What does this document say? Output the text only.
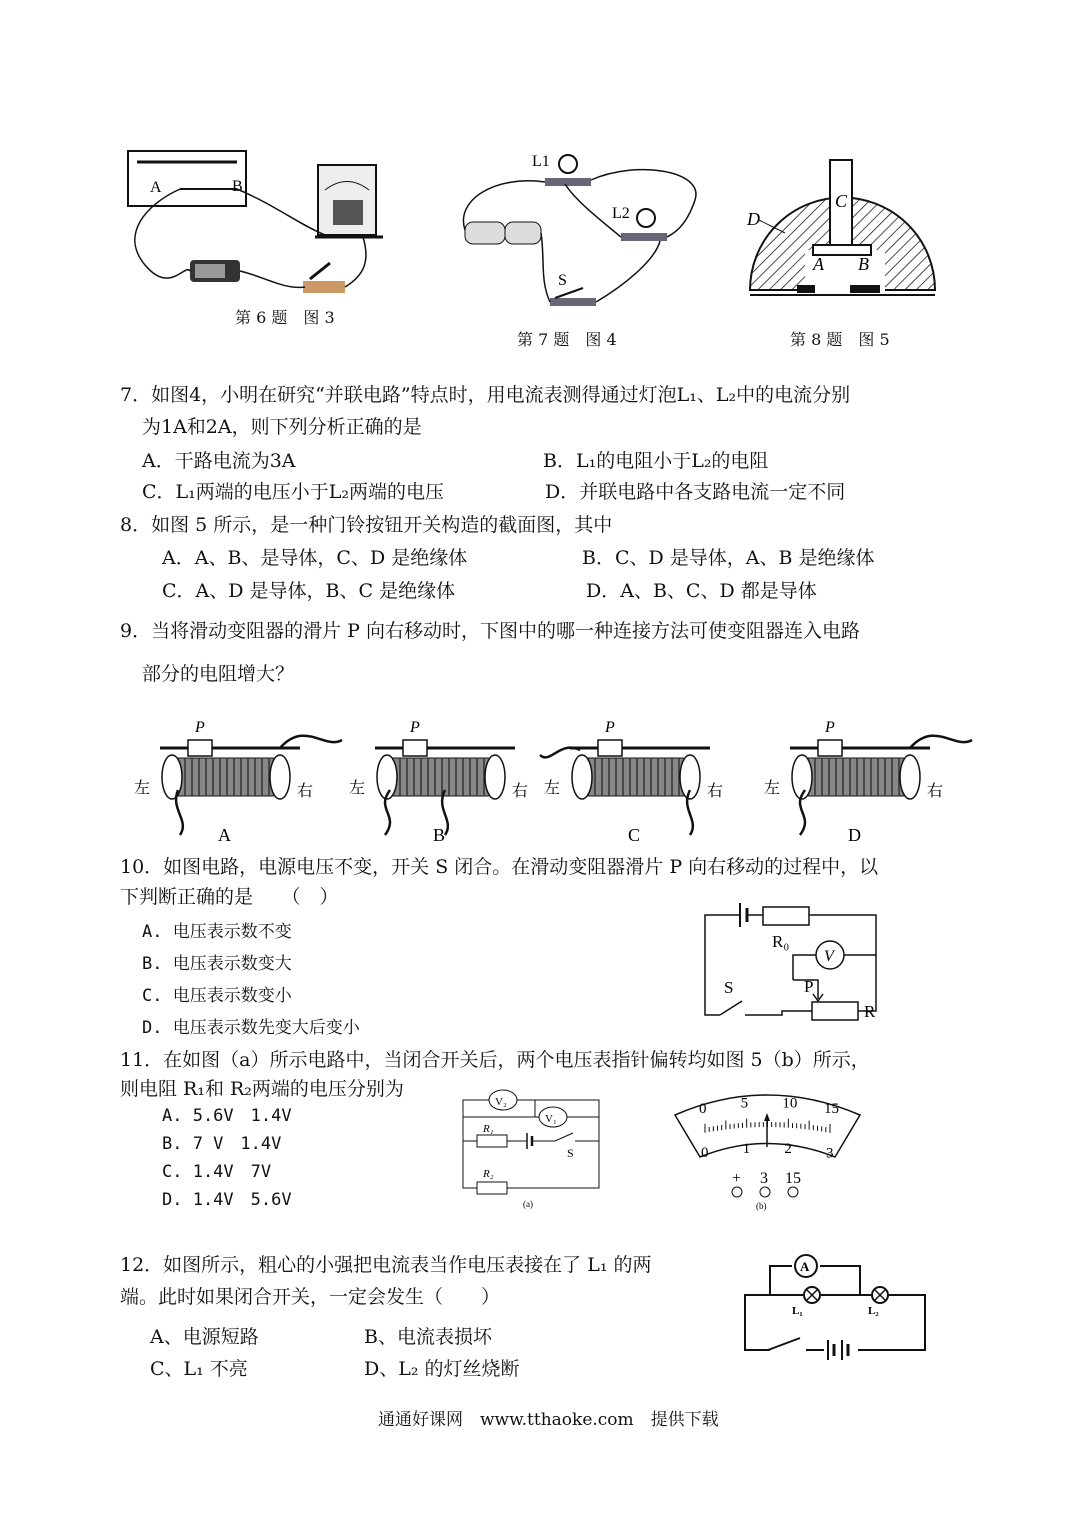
A	B
第 6 题　图 3
L1
L2
S
第 7 题　图 4
C
D
A B
第 8 题　图 5
7．如图4，小明在研究“并联电路”特点时，用电流表测得通过灯泡L₁、L₂中的电流分别
为1A和2A，则下列分析正确的是
A．干路电流为3A	B．L₁的电阻小于L₂的电阻
C．L₁两端的电压小于L₂两端的电压	D．并联电路中各支路电流一定不同
8．如图 5 所示，是一种门铃按钮开关构造的截面图，其中
A．A、B、是导体，C、D 是绝缘体	B．C、D 是导体，A、B 是绝缘体
C．A、D 是导体，B、C 是绝缘体	D．A、B、C、D 都是导体
9．当将滑动变阻器的滑片 P 向右移动时，下图中的哪一种连接方法可使变阻器连入电路
部分的电阻增大？
P
左	右
A
P
左	右
B
P
左	右
C
P
左	右
D
10．如图电路，电源电压不变，开关 S 闭合。在滑动变阻器滑片 P 向右移动的过程中，以
下判断正确的是　　（　）
A. 电压表示数不变
B. 电压表示数变大
C. 电压表示数变小
D. 电压表示数先变大后变小
R₀
V
P
R
S
11．在如图（a）所示电路中，当闭合开关后，两个电压表指针偏转均如图 5（b）所示，
则电阻 R₁和 R₂两端的电压分别为
A. 5.6V　1.4V
B. 7 V　1.4V
C. 1.4V　7V
D. 1.4V　5.6V
V₂
V₁
R₁
S
R₂
(a)
0 5 10 15
0 1 2 3
+ 3 15
(b)
12．如图所示，粗心的小强把电流表当作电压表接在了 L₁ 的两
端。此时如果闭合开关，一定会发生（　　）
A、电源短路	B、电流表损坏
C、L₁ 不亮	D、L₂ 的灯丝烧断
A
L₁	L₂
通通好课网　www.tthaoke.com　提供下载
